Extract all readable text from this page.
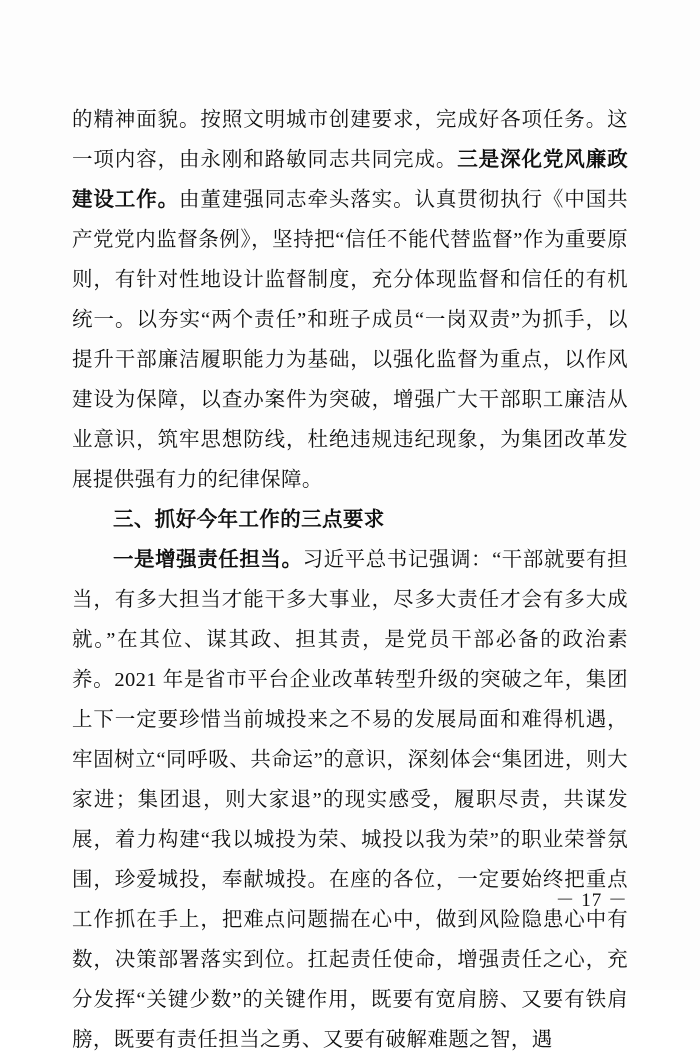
的精神面貌。按照文明城市创建要求，完成好各项任务。这一项内容，由永刚和路敏同志共同完成。三是深化党风廉政建设工作。由董建强同志牵头落实。认真贯彻执行《中国共产党党内监督条例》，坚持把“信任不能代替监督”作为重要原则，有针对性地设计监督制度，充分体现监督和信任的有机统一。以夯实“两个责任”和班子成员“一岗双责”为抓手，以提升干部廉洁履职能力为基础，以强化监督为重点，以作风建设为保障，以查办案件为突破，增强广大干部职工廉洁从业意识，筑牢思想防线，杜绝违规违纪现象，为集团改革发展提供强有力的纪律保障。

三、抓好今年工作的三点要求

一是增强责任担当。习近平总书记强调：“干部就要有担当，有多大担当才能干多大事业，尽多大责任才会有多大成就。”在其位、谋其政、担其责，是党员干部必备的政治素养。2021 年是省市平台企业改革转型升级的突破之年，集团上下一定要珍惜当前城投来之不易的发展局面和难得机遇，牢固树立“同呼吸、共命运”的意识，深刻体会“集团进，则大家进；集团退，则大家退”的现实感受，履职尽责，共谋发展，着力构建“我以城投为荣、城投以我为荣”的职业荣誉氛围，珍爱城投，奉献城投。在座的各位，一定要始终把重点工作抓在手上，把难点问题揣在心中，做到风险隐患心中有数，决策部署落实到位。扛起责任使命，增强责任之心，充分发挥“关键少数”的关键作用，既要有宽肩膀、又要有铁肩膀，既要有责任担当之勇、又要有破解难题之智，遇

－ 17 －
